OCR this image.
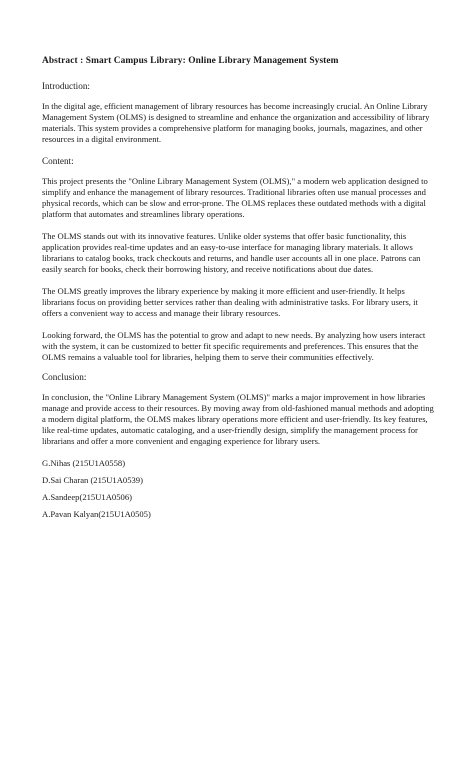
Abstract : Smart Campus Library: Online Library Management System
Introduction:
In the digital age, efficient management of library resources has become increasingly crucial. An Online Library Management System (OLMS) is designed to streamline and enhance the organization and accessibility of library materials. This system provides a comprehensive platform for managing books, journals, magazines, and other resources in a digital environment.
Content:
This project presents the "Online Library Management System (OLMS)," a modern web application designed to simplify and enhance the management of library resources. Traditional libraries often use manual processes and physical records, which can be slow and error-prone. The OLMS replaces these outdated methods with a digital platform that automates and streamlines library operations.
The OLMS stands out with its innovative features. Unlike older systems that offer basic functionality, this application provides real-time updates and an easy-to-use interface for managing library materials. It allows librarians to catalog books, track checkouts and returns, and handle user accounts all in one place. Patrons can easily search for books, check their borrowing history, and receive notifications about due dates.
The OLMS greatly improves the library experience by making it more efficient and user-friendly. It helps librarians focus on providing better services rather than dealing with administrative tasks. For library users, it offers a convenient way to access and manage their library resources.
Looking forward, the OLMS has the potential to grow and adapt to new needs. By analyzing how users interact with the system, it can be customized to better fit specific requirements and preferences. This ensures that the OLMS remains a valuable tool for libraries, helping them to serve their communities effectively.
Conclusion:
In conclusion, the "Online Library Management System (OLMS)" marks a major improvement in how libraries manage and provide access to their resources. By moving away from old-fashioned manual methods and adopting a modern digital platform, the OLMS makes library operations more efficient and user-friendly. Its key features, like real-time updates, automatic cataloging, and a user-friendly design, simplify the management process for librarians and offer a more convenient and engaging experience for library users.
G.Nihas (215U1A0558)
D.Sai Charan (215U1A0539)
A.Sandeep(215U1A0506)
A.Pavan Kalyan(215U1A0505)
